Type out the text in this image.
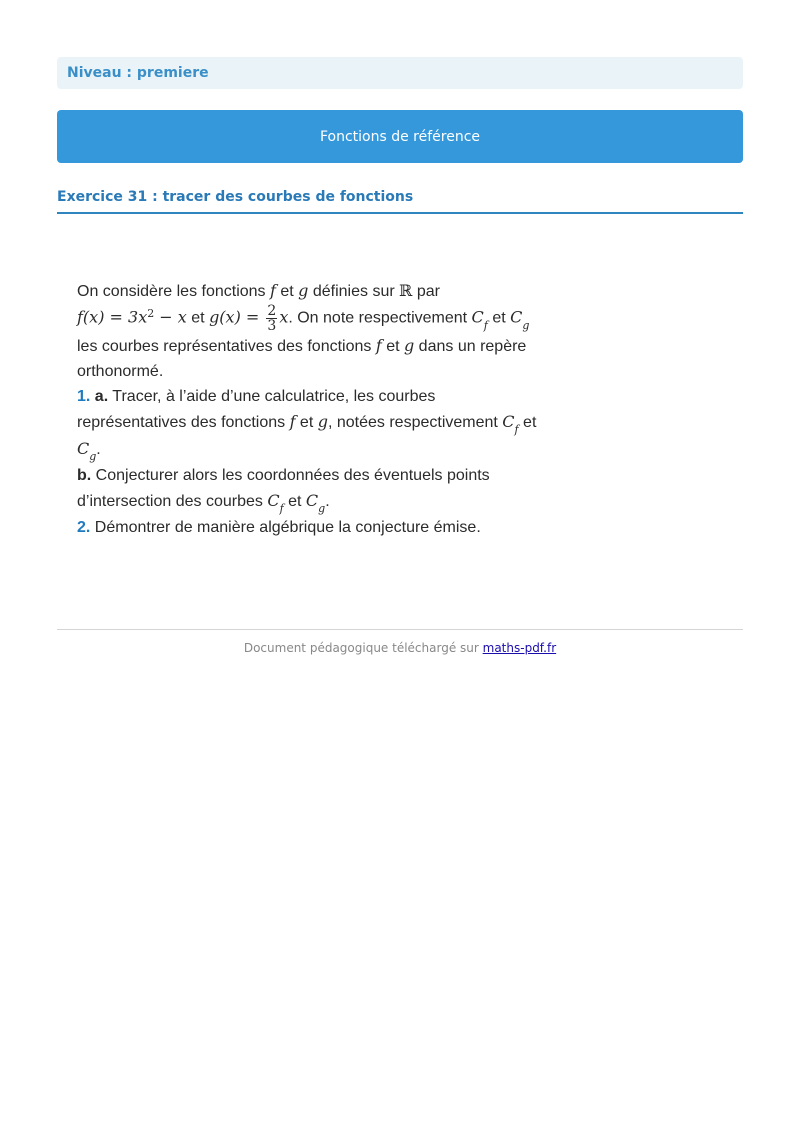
Niveau : premiere
Fonctions de référence
Exercice 31 : tracer des courbes de fonctions

On considère les fonctions f et g définies sur ℝ par
$f(x) = 3x^2 - x$ et $g(x) = \frac{2}{3} x$. On note respectivement $C_f$ et $C_g$ les courbes représentatives des fonctions f et g dans un repère orthonormé.

1. a. Tracer, à l’aide d’une calculatrice, les courbes représentatives des fonctions f et g, notées respectivement $C_f$ et $C_g$.

b. Conjecturer alors les coordonnées des éventuels points d’intersection des courbes $C_f$ et $C_g$.

2. Démontrer de manière algébrique la conjecture émise.

Document pédagogique téléchargé sur maths-pdf.fr
